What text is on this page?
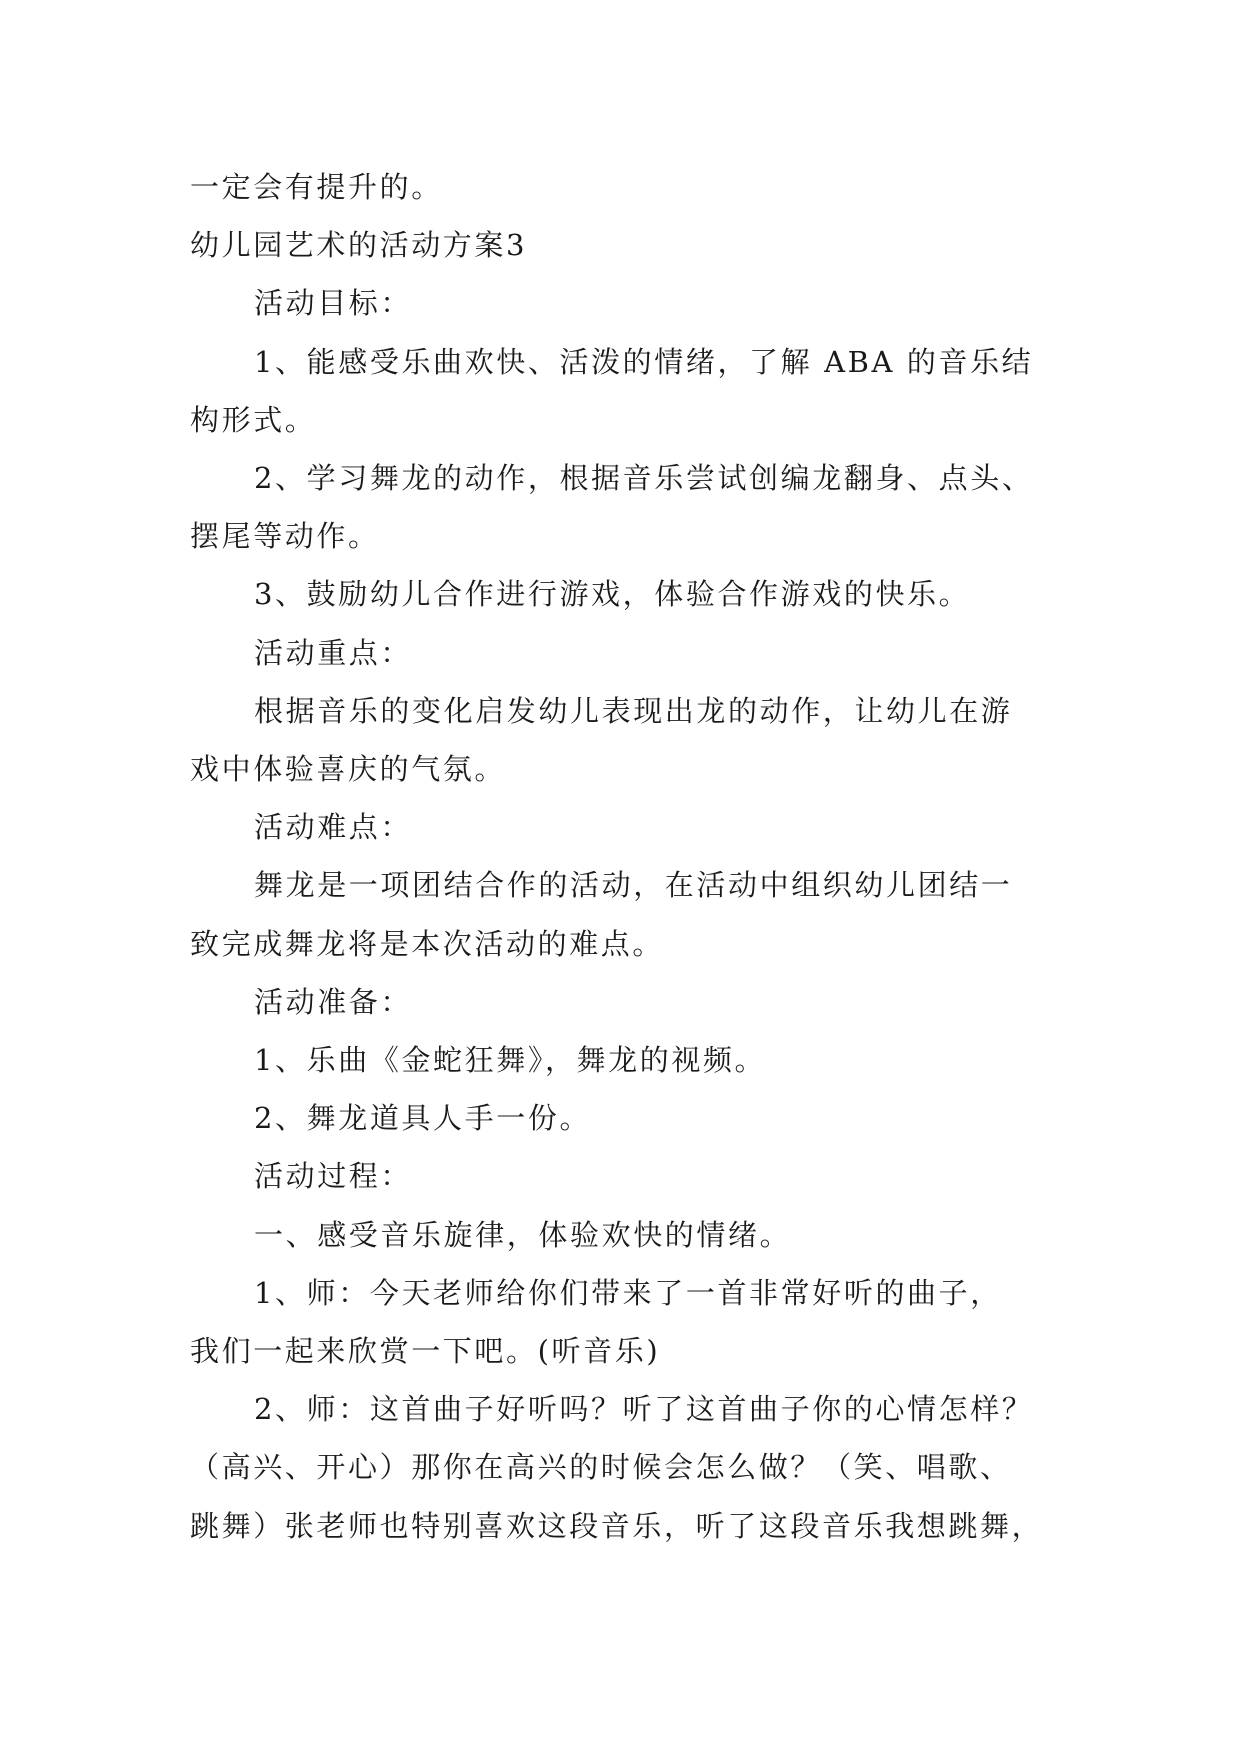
一定会有提升的。

幼儿园艺术的活动方案3

活动目标：

1、能感受乐曲欢快、活泼的情绪，了解 ABA 的音乐结

构形式。

2、学习舞龙的动作，根据音乐尝试创编龙翻身、点头、

摆尾等动作。

3、鼓励幼儿合作进行游戏，体验合作游戏的快乐。

活动重点：

根据音乐的变化启发幼儿表现出龙的动作，让幼儿在游

戏中体验喜庆的气氛。

活动难点：

舞龙是一项团结合作的活动，在活动中组织幼儿团结一

致完成舞龙将是本次活动的难点。

活动准备：

1、乐曲《金蛇狂舞》，舞龙的视频。

2、舞龙道具人手一份。

活动过程：

一、感受音乐旋律，体验欢快的情绪。

1、师：今天老师给你们带来了一首非常好听的曲子，

我们一起来欣赏一下吧。(听音乐)

2、师：这首曲子好听吗？听了这首曲子你的心情怎样？

（高兴、开心）那你在高兴的时候会怎么做？（笑、唱歌、

跳舞）张老师也特别喜欢这段音乐，听了这段音乐我想跳舞，
